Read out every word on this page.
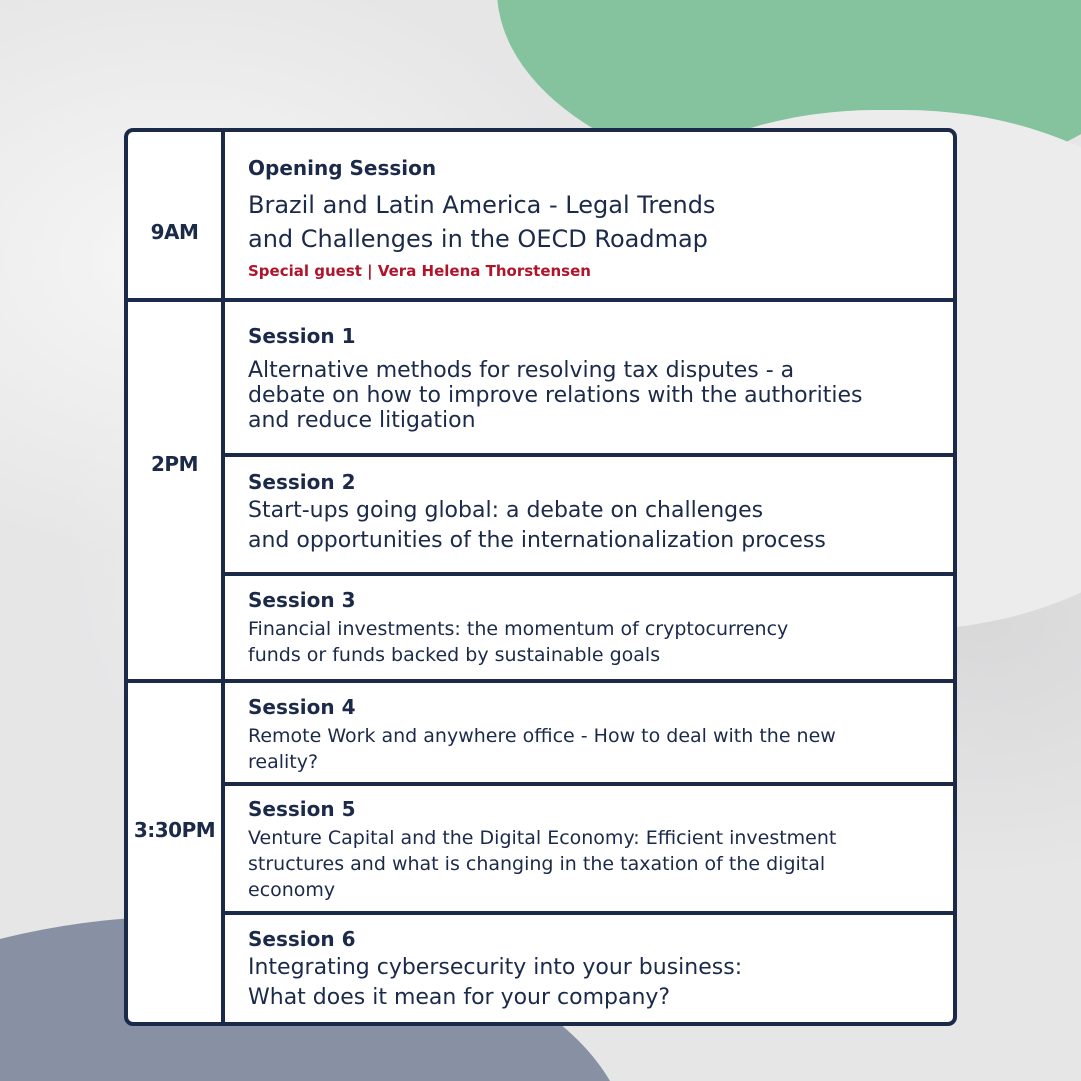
9AM
2PM
3:30PM
Opening Session
Brazil and Latin America - Legal Trends
and Challenges in the OECD Roadmap
Special guest | Vera Helena Thorstensen
Session 1
Alternative methods for resolving tax disputes - a
debate on how to improve relations with the authorities
and reduce litigation
Session 2
Start-ups going global: a debate on challenges
and opportunities of the internationalization process
Session 3
Financial investments: the momentum of cryptocurrency
funds or funds backed by sustainable goals
Session 4
Remote Work and anywhere office - How to deal with the new
reality?
Session 5
Venture Capital and the Digital Economy: Efficient investment
structures and what is changing in the taxation of the digital
economy
Session 6
Integrating cybersecurity into your business:
What does it mean for your company?
